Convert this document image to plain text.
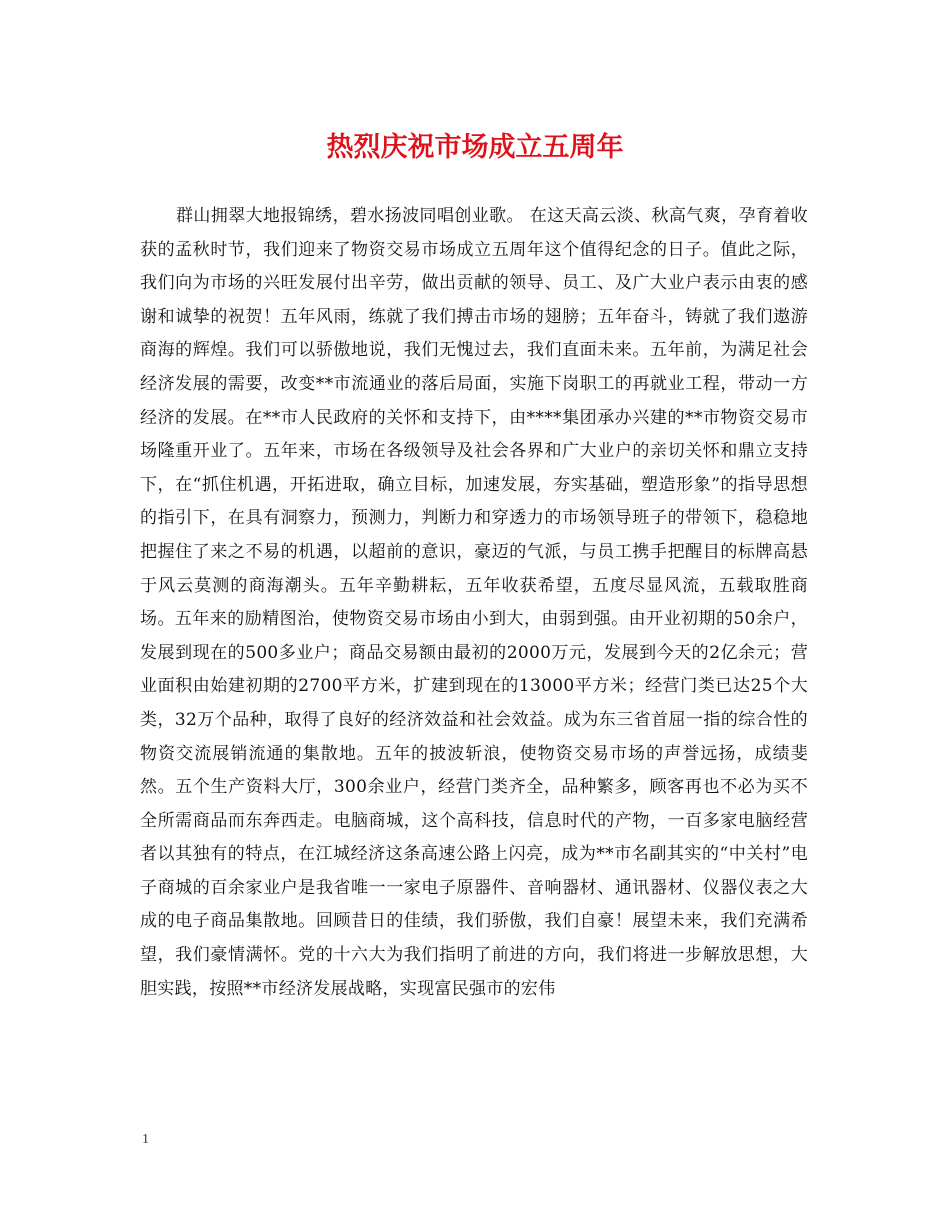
热烈庆祝市场成立五周年

群山拥翠大地报锦绣，碧水扬波同唱创业歌。 在这天高云淡、秋高气爽，孕育着收获的孟秋时节，我们迎来了物资交易市场成立五周年这个值得纪念的日子。值此之际，我们向为市场的兴旺发展付出辛劳，做出贡献的领导、员工、及广大业户表示由衷的感谢和诚挚的祝贺！五年风雨，练就了我们搏击市场的翅膀；五年奋斗，铸就了我们遨游商海的辉煌。我们可以骄傲地说，我们无愧过去，我们直面未来。五年前，为满足社会经济发展的需要，改变**市流通业的落后局面，实施下岗职工的再就业工程，带动一方经济的发展。在**市人民政府的关怀和支持下，由****集团承办兴建的**市物资交易市场隆重开业了。五年来，市场在各级领导及社会各界和广大业户的亲切关怀和鼎立支持下，在“抓住机遇，开拓进取，确立目标，加速发展，夯实基础，塑造形象”的指导思想的指引下，在具有洞察力，预测力，判断力和穿透力的市场领导班子的带领下，稳稳地把握住了来之不易的机遇，以超前的意识，豪迈的气派，与员工携手把醒目的标牌高悬于风云莫测的商海潮头。五年辛勤耕耘，五年收获希望，五度尽显风流，五载取胜商场。五年来的励精图治，使物资交易市场由小到大，由弱到强。由开业初期的50余户，发展到现在的500多业户；商品交易额由最初的2000万元，发展到今天的2亿余元；营业面积由始建初期的2700平方米，扩建到现在的13000平方米；经营门类已达25个大类，32万个品种，取得了良好的经济效益和社会效益。成为东三省首屈一指的综合性的物资交流展销流通的集散地。五年的披波斩浪，使物资交易市场的声誉远扬，成绩斐然。五个生产资料大厅，300余业户，经营门类齐全，品种繁多，顾客再也不必为买不全所需商品而东奔西走。电脑商城，这个高科技，信息时代的产物，一百多家电脑经营者以其独有的特点，在江城经济这条高速公路上闪亮，成为**市名副其实的“中关村”电子商城的百余家业户是我省唯一一家电子原器件、音响器材、通讯器材、仪器仪表之大成的电子商品集散地。回顾昔日的佳绩，我们骄傲，我们自豪！展望未来，我们充满希望，我们豪情满怀。党的十六大为我们指明了前进的方向，我们将进一步解放思想，大胆实践，按照**市经济发展战略，实现富民强市的宏伟

1
